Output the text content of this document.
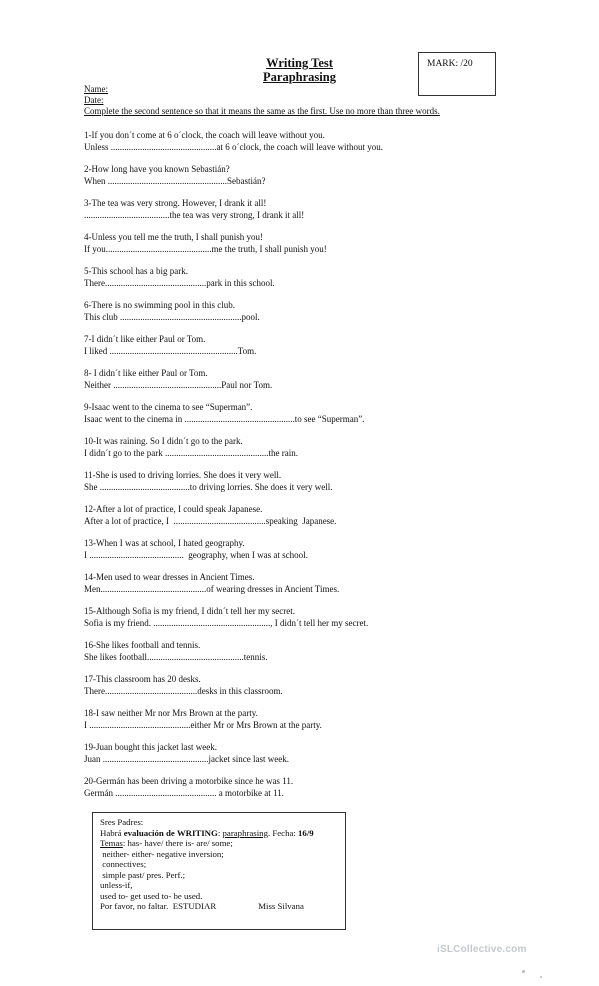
Writing Test
Paraphrasing
MARK: /20
Name:
Date:
Complete the second sentence so that it means the same as the first. Use no more than three words.
1-If you don´t come at 6 o´clock, the coach will leave without you.
Unless ...............................................at 6 o´clock, the coach will leave without you.
2-How long have you known Sebastián?
When .....................................................Sebastián?
3-The tea was very strong. However, I drank it all!
......................................the tea was very strong, I drank it all!
4-Unless you tell me the truth, I shall punish you!
If you...............................................me the truth, I shall punish you!
5-This school has a big park.
There.............................................park in this school.
6-There is no swimming pool in this club.
This club ......................................................pool.
7-I didn´t like either Paul or Tom.
I liked .........................................................Tom.
8- I didn´t like either Paul or Tom.
Neither ................................................Paul nor Tom.
9-Isaac went to the cinema to see “Superman”.
Isaac went to the cinema in .................................................to see “Superman”.
10-It was raining. So I didn´t go to the park.
I didn´t go to the park ..............................................the rain.
11-She is used to driving lorries. She does it very well.
She ........................................to driving lorries. She does it very well.
12-After a lot of practice, I could speak Japanese.
After a lot of practice, I  .........................................speaking  Japanese.
13-When I was at school, I hated geography.
I ..........................................  geography, when I was at school.
14-Men used to wear dresses in Ancient Times.
Men...............................................of wearing dresses in Ancient Times.
15-Although Sofia is my friend, I didn´t tell her my secret.
Sofia is my friend. ...................................................., I didn´t tell her my secret.
16-She likes football and tennis.
She likes football...........................................tennis.
17-This classroom has 20 desks.
There.........................................desks in this classroom.
18-I saw neither Mr nor Mrs Brown at the party.
I .............................................either Mr or Mrs Brown at the party.
19-Juan bought this jacket last week.
Juan ...............................................jacket since last week.
20-Germán has been driving a motorbike since he was 11.
Germán ............................................. a motorbike at 11.
Sres Padres:
Habrá evaluación de WRITING: paraphrasing. Fecha: 16/9
Temas: has- have/ there is- are/ some;
neither- either- negative inversion;
connectives;
simple past/ pres. Perf.;
unless-if,
used to- get used to- be used.
Por favor, no faltar.  ESTUDIAR	Miss Silvana
iSLCollective.com
